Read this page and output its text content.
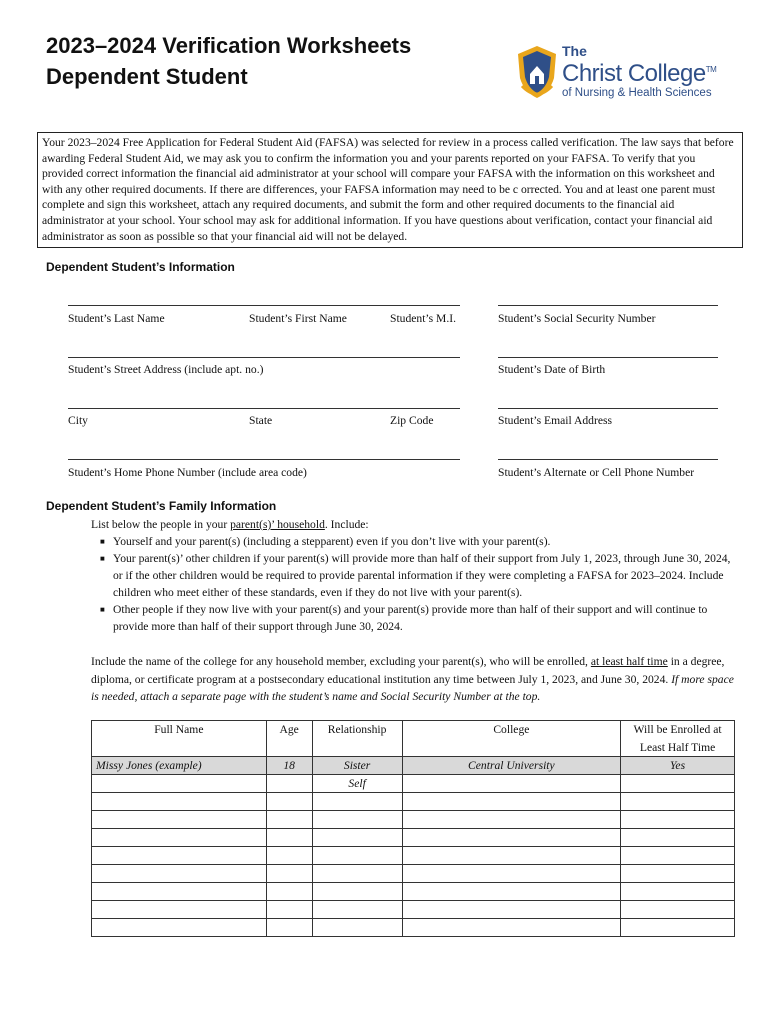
2023–2024 Verification Worksheets
Dependent Student
The
Christ College™
of Nursing & Health Sciences
Your 2023–2024 Free Application for Federal Student Aid (FAFSA) was selected for review in a process called verification. The law says that before awarding Federal Student Aid, we may ask you to confirm the information you and your parents reported on your FAFSA. To verify that you provided correct information the financial aid administrator at your school will compare your FAFSA with the information on this worksheet and with any other required documents. If there are differences, your FAFSA information may need to be c orrected. You and at least one parent must complete and sign this worksheet, attach any required documents, and submit the form and other required documents to the financial aid administrator at your school. Your school may ask for additional information. If you have questions about verification, contact your financial aid administrator as soon as possible so that your financial aid will not be delayed.
Dependent Student’s Information
Student’s Last Name	Student’s First Name	Student’s M.I.	Student’s Social Security Number
Student’s Street Address (include apt. no.)	Student’s Date of Birth
City	State	Zip Code	Student’s Email Address
Student’s Home Phone Number (include area code)	Student’s Alternate or Cell Phone Number
Dependent Student’s Family Information
List below the people in your parent(s)’ household. Include:
■ Yourself and your parent(s) (including a stepparent) even if you don’t live with your parent(s).
■ Your parent(s)’ other children if your parent(s) will provide more than half of their support from July 1, 2023, through June 30, 2024, or if the other children would be required to provide parental information if they were completing a FAFSA for 2023–2024. Include children who meet either of these standards, even if they do not live with your parent(s).
■ Other people if they now live with your parent(s) and your parent(s) provide more than half of their support and will continue to provide more than half of their support through June 30, 2024.
Include the name of the college for any household member, excluding your parent(s), who will be enrolled, at least half time in a degree, diploma, or certificate program at a postsecondary educational institution any time between July 1, 2023, and June 30, 2024. If more space is needed, attach a separate page with the student’s name and Social Security Number at the top.
Full Name	Age	Relationship	College	Will be Enrolled at Least Half Time
Missy Jones (example)	18	Sister	Central University	Yes
		Self		
